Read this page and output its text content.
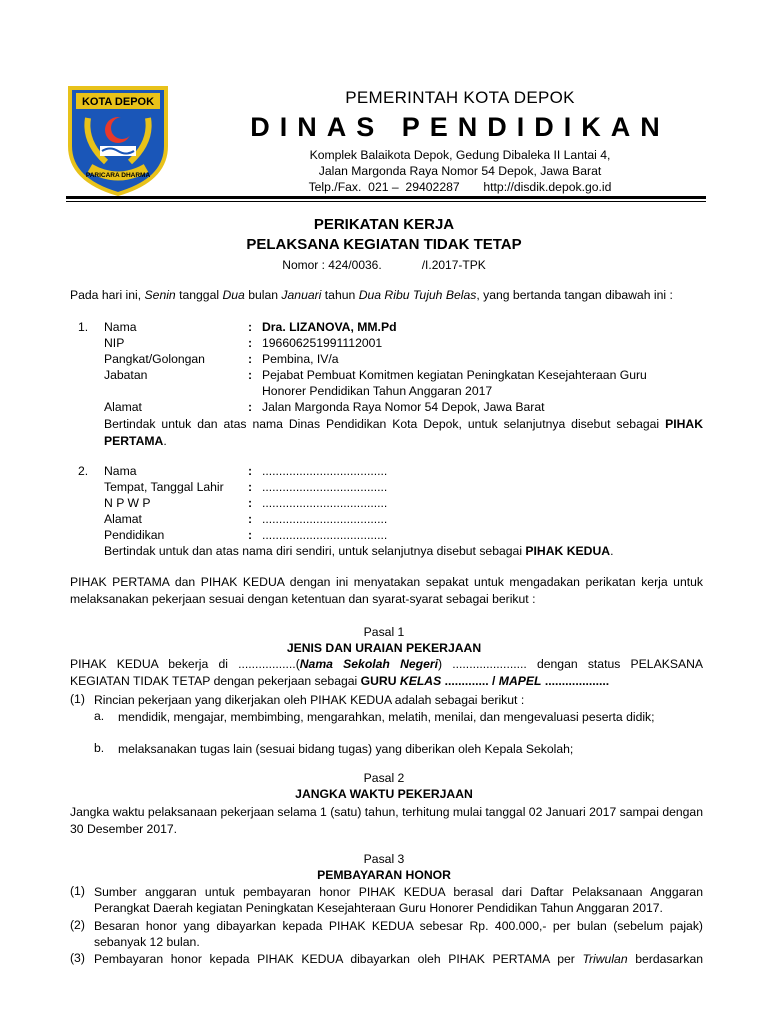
KOTA DEPOK
PARICARA DHARMA
PEMERINTAH KOTA DEPOK
DINAS PENDIDIKAN
Komplek Balaikota Depok, Gedung Dibaleka II Lantai 4,
Jalan Margonda Raya Nomor 54 Depok, Jawa Barat
Telp./Fax.  021 –  29402287       http://disdik.depok.go.id
PERIKATAN KERJA
PELAKSANA KEGIATAN TIDAK TETAP
Nomor : 424/0036.	/I.2017-TPK
Pada hari ini, Senin tanggal Dua bulan Januari tahun Dua Ribu Tujuh Belas, yang bertanda tangan dibawah ini :
1. Nama	: Dra. LIZANOVA, MM.Pd
NIP	: 196606251991112001
Pangkat/Golongan	: Pembina, IV/a
Jabatan	: Pejabat Pembuat Komitmen kegiatan Peningkatan Kesejahteraan Guru
Honorer Pendidikan Tahun Anggaran 2017
Alamat	: Jalan Margonda Raya Nomor 54 Depok, Jawa Barat
Bertindak untuk dan atas nama Dinas Pendidikan Kota Depok, untuk selanjutnya disebut sebagai PIHAK PERTAMA.
2. Nama	: .....................................
Tempat, Tanggal Lahir : .....................................
N P W P	: .....................................
Alamat	: .....................................
Pendidikan	: .....................................
Bertindak untuk dan atas nama diri sendiri, untuk selanjutnya disebut sebagai PIHAK KEDUA.
PIHAK PERTAMA dan PIHAK KEDUA dengan ini menyatakan sepakat untuk mengadakan perikatan kerja untuk melaksanakan pekerjaan sesuai dengan ketentuan dan syarat-syarat sebagai berikut :
Pasal 1
JENIS DAN URAIAN PEKERJAAN
PIHAK KEDUA bekerja di .................(Nama Sekolah Negeri) ...................... dengan status PELAKSANA
KEGIATAN TIDAK TETAP dengan pekerjaan sebagai GURU KELAS ............. / MAPEL ...................
(1) Rincian pekerjaan yang dikerjakan oleh PIHAK KEDUA adalah sebagai berikut :
a. mendidik, mengajar, membimbing, mengarahkan, melatih, menilai, dan mengevaluasi peserta didik;
b. melaksanakan tugas lain (sesuai bidang tugas) yang diberikan oleh Kepala Sekolah;
Pasal 2
JANGKA WAKTU PEKERJAAN
Jangka waktu pelaksanaan pekerjaan selama 1 (satu) tahun, terhitung mulai tanggal 02 Januari 2017 sampai dengan 30 Desember 2017.
Pasal 3
PEMBAYARAN HONOR
(1) Sumber anggaran untuk pembayaran honor PIHAK KEDUA berasal dari Daftar Pelaksanaan Anggaran Perangkat Daerah kegiatan Peningkatan Kesejahteraan Guru Honorer Pendidikan Tahun Anggaran 2017.
(2) Besaran honor yang dibayarkan kepada PIHAK KEDUA sebesar Rp. 400.000,- per bulan (sebelum pajak) sebanyak 12 bulan.
(3) Pembayaran honor kepada PIHAK KEDUA dibayarkan oleh PIHAK PERTAMA per Triwulan berdasarkan
